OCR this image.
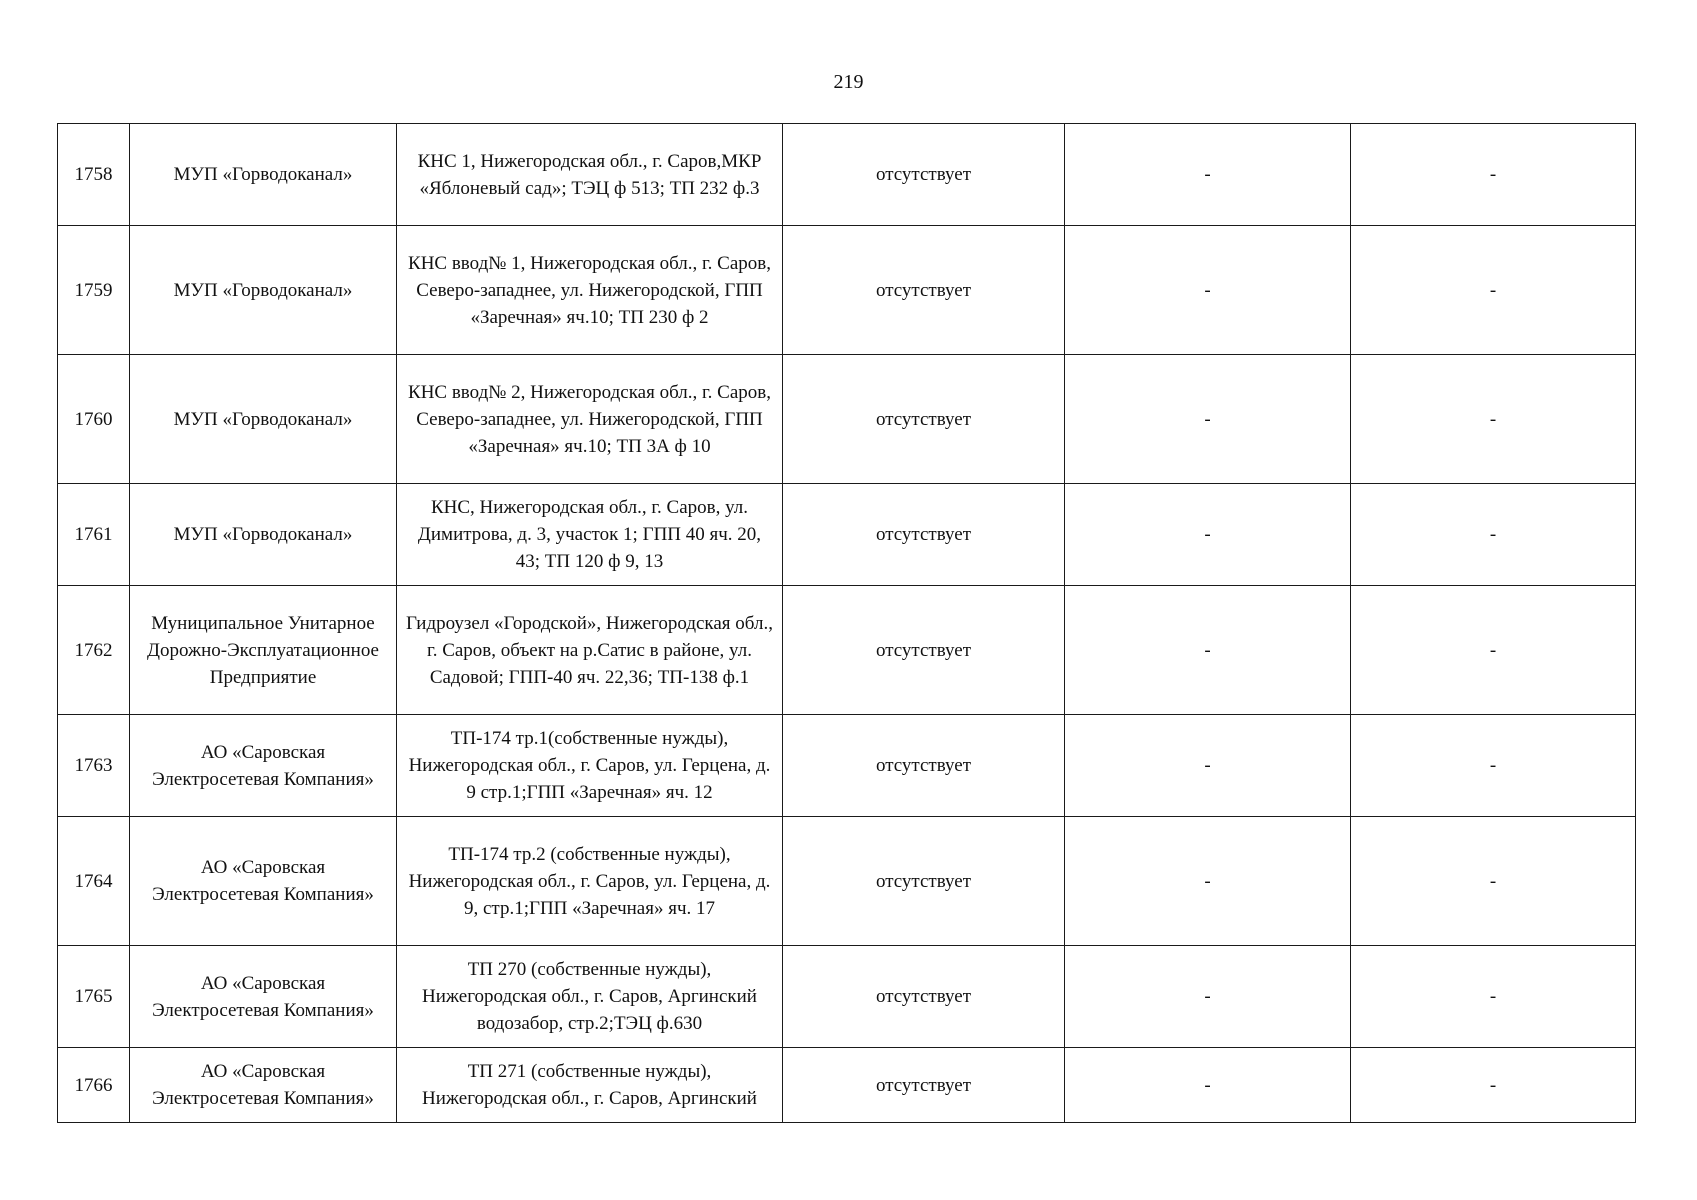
219
1758	МУП «Горводоканал»	КНС 1, Нижегородская обл., г. Саров,МКР «Яблоневый сад»; ТЭЦ ф 513; ТП 232 ф.3	отсутствует	-	-
1759	МУП «Горводоканал»	КНС ввод№ 1, Нижегородская обл., г. Саров, Северо-западнее, ул. Нижегородской, ГПП «Заречная» яч.10; ТП 230 ф 2	отсутствует	-	-
1760	МУП «Горводоканал»	КНС ввод№ 2, Нижегородская обл., г. Саров, Северо-западнее, ул. Нижегородской, ГПП «Заречная» яч.10; ТП 3А ф 10	отсутствует	-	-
1761	МУП «Горводоканал»	КНС, Нижегородская обл., г. Саров, ул. Димитрова, д. 3, участок 1; ГПП 40 яч. 20, 43; ТП 120 ф 9, 13	отсутствует	-	-
1762	Муниципальное Унитарное Дорожно-Эксплуатационное Предприятие	Гидроузел «Городской», Нижегородская обл., г. Саров, объект на р.Сатис в районе, ул. Садовой; ГПП-40 яч. 22,36; ТП-138 ф.1	отсутствует	-	-
1763	АО «Саровская Электросетевая Компания»	ТП-174 тр.1(собственные нужды), Нижегородская обл., г. Саров, ул. Герцена, д. 9 стр.1;ГПП «Заречная» яч. 12	отсутствует	-	-
1764	АО «Саровская Электросетевая Компания»	ТП-174 тр.2 (собственные нужды), Нижегородская обл., г. Саров, ул. Герцена, д. 9, стр.1;ГПП «Заречная» яч. 17	отсутствует	-	-
1765	АО «Саровская Электросетевая Компания»	ТП 270 (собственные нужды), Нижегородская обл., г. Саров, Аргинский водозабор, стр.2;ТЭЦ ф.630	отсутствует	-	-
1766	АО «Саровская Электросетевая Компания»	ТП 271 (собственные нужды), Нижегородская обл., г. Саров, Аргинский	отсутствует	-	-
